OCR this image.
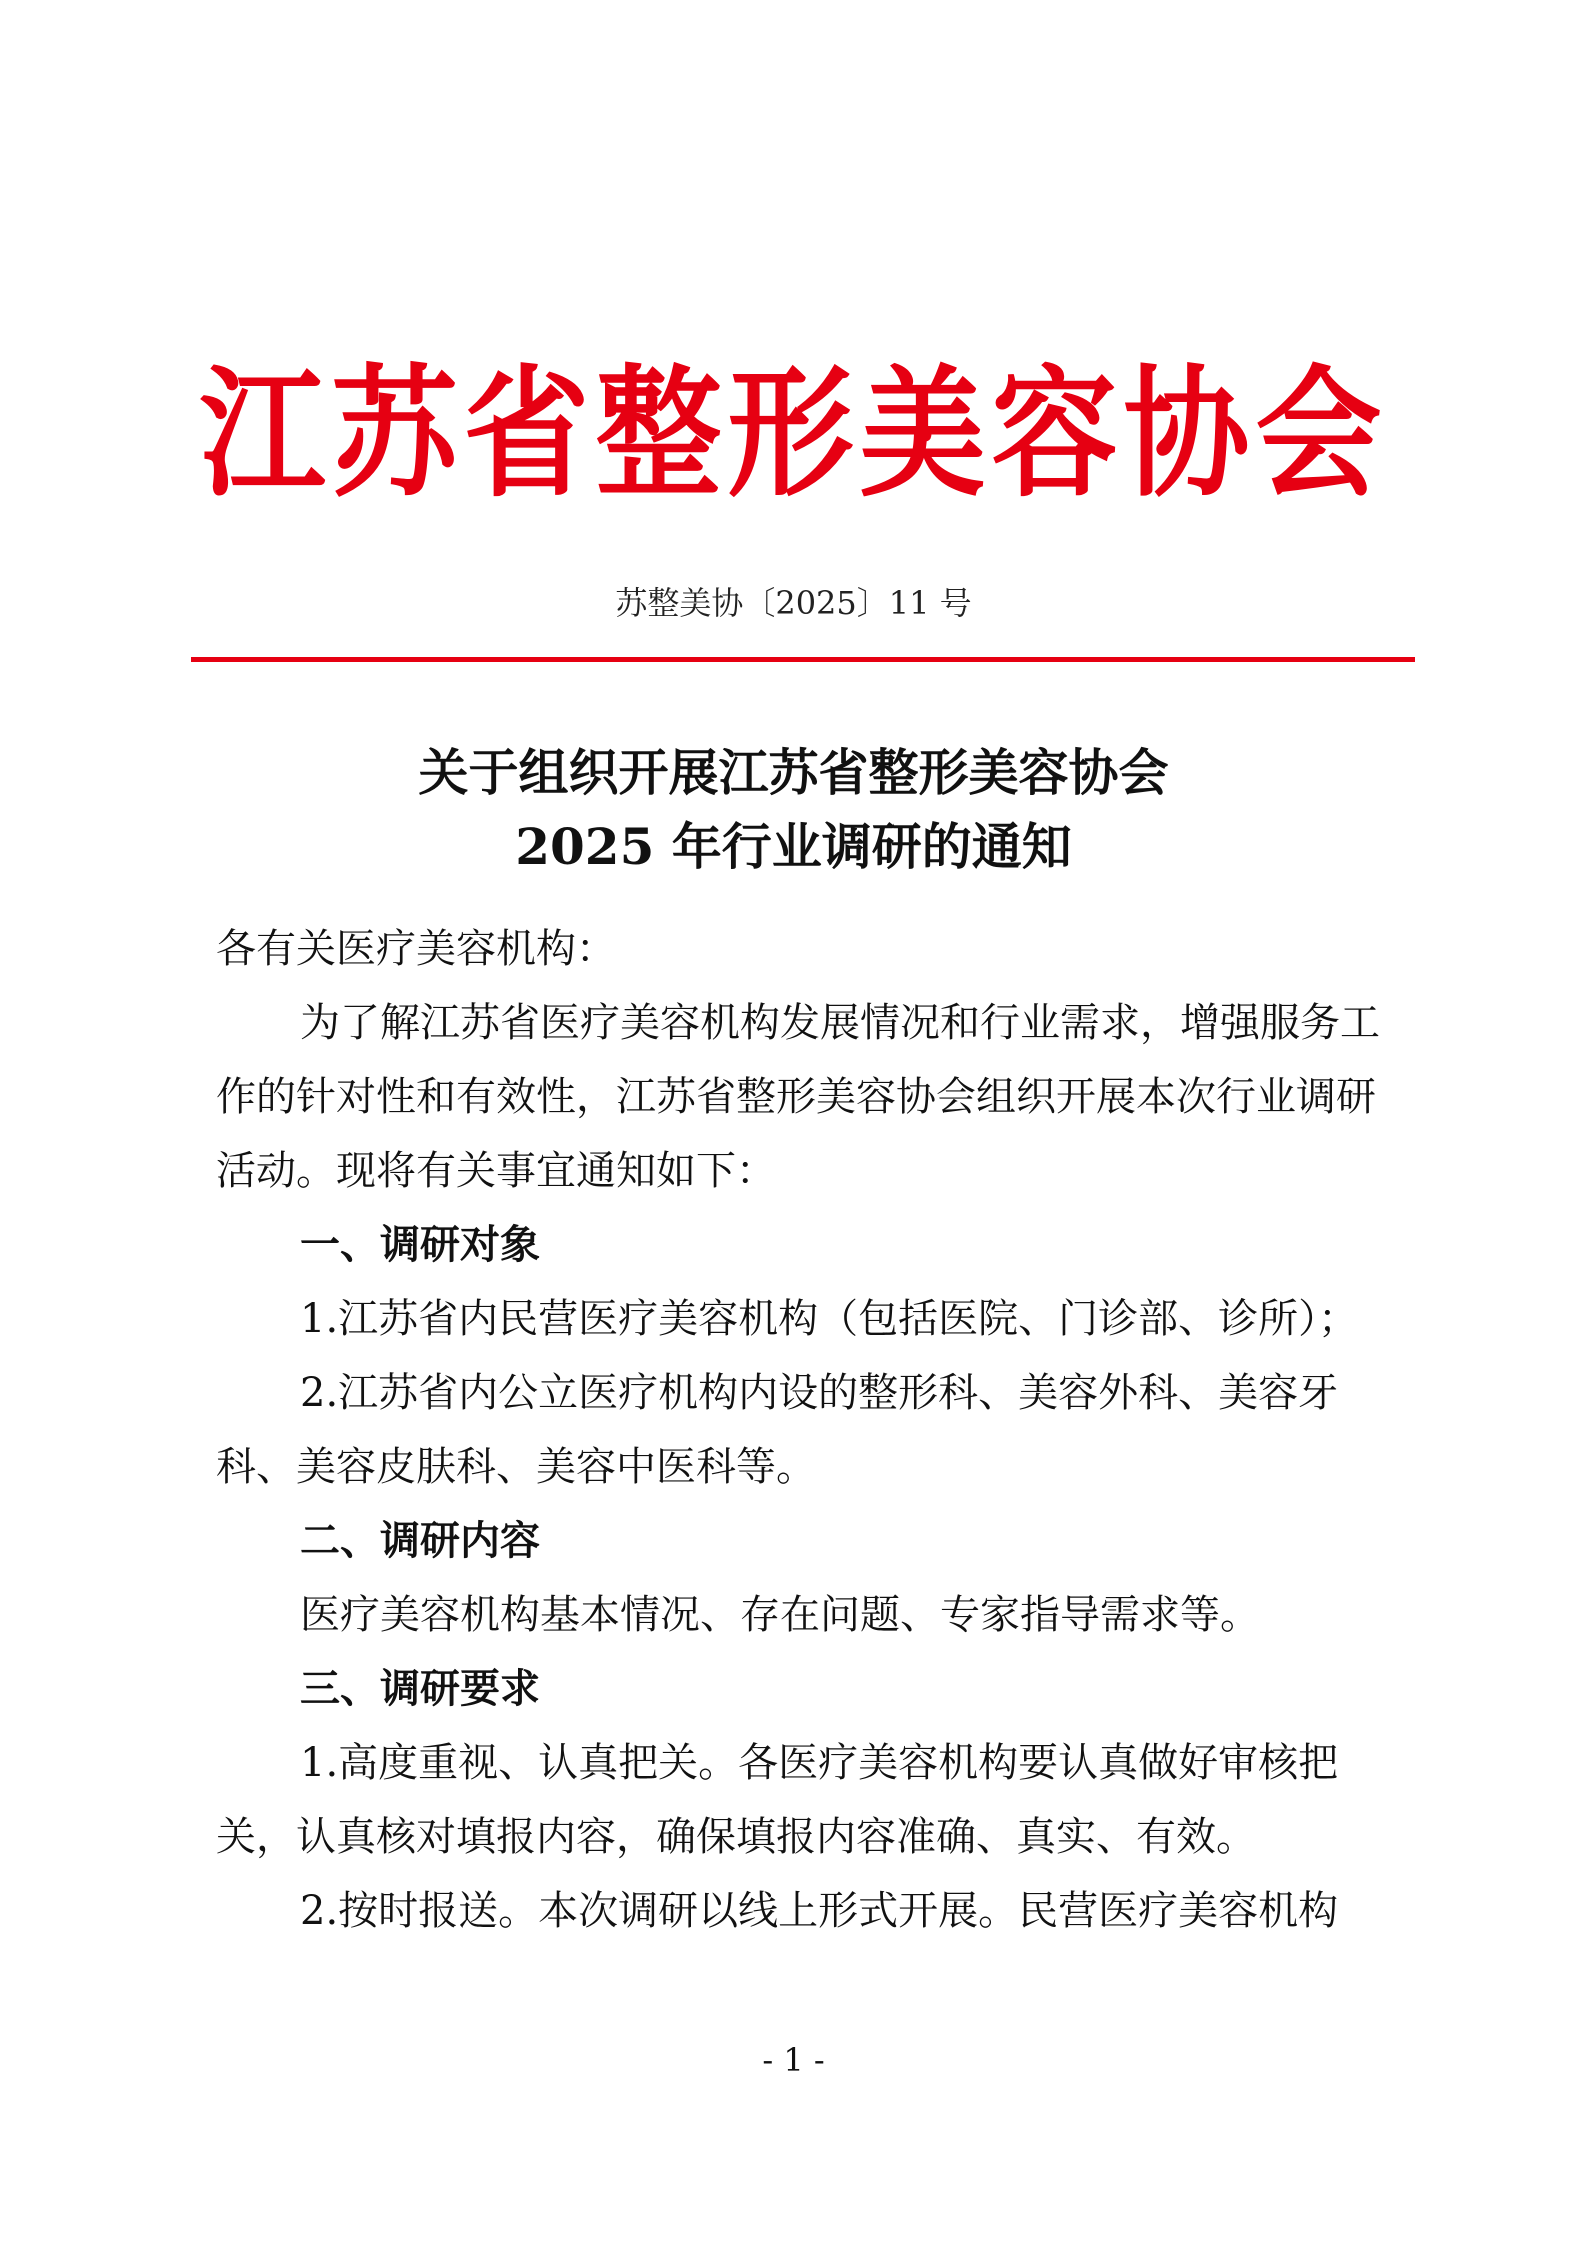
江苏省整形美容协会
苏整美协〔2025〕11 号
关于组织开展江苏省整形美容协会
2025 年行业调研的通知

各有关医疗美容机构：

为了解江苏省医疗美容机构发展情况和行业需求，增强服务工作的针对性和有效性，江苏省整形美容协会组织开展本次行业调研活动。现将有关事宜通知如下：

一、调研对象

1.江苏省内民营医疗美容机构（包括医院、门诊部、诊所）；

2.江苏省内公立医疗机构内设的整形科、美容外科、美容牙科、美容皮肤科、美容中医科等。

二、调研内容

医疗美容机构基本情况、存在问题、专家指导需求等。

三、调研要求

1.高度重视、认真把关。各医疗美容机构要认真做好审核把关，认真核对填报内容，确保填报内容准确、真实、有效。

2.按时报送。本次调研以线上形式开展。民营医疗美容机构

- 1 -
